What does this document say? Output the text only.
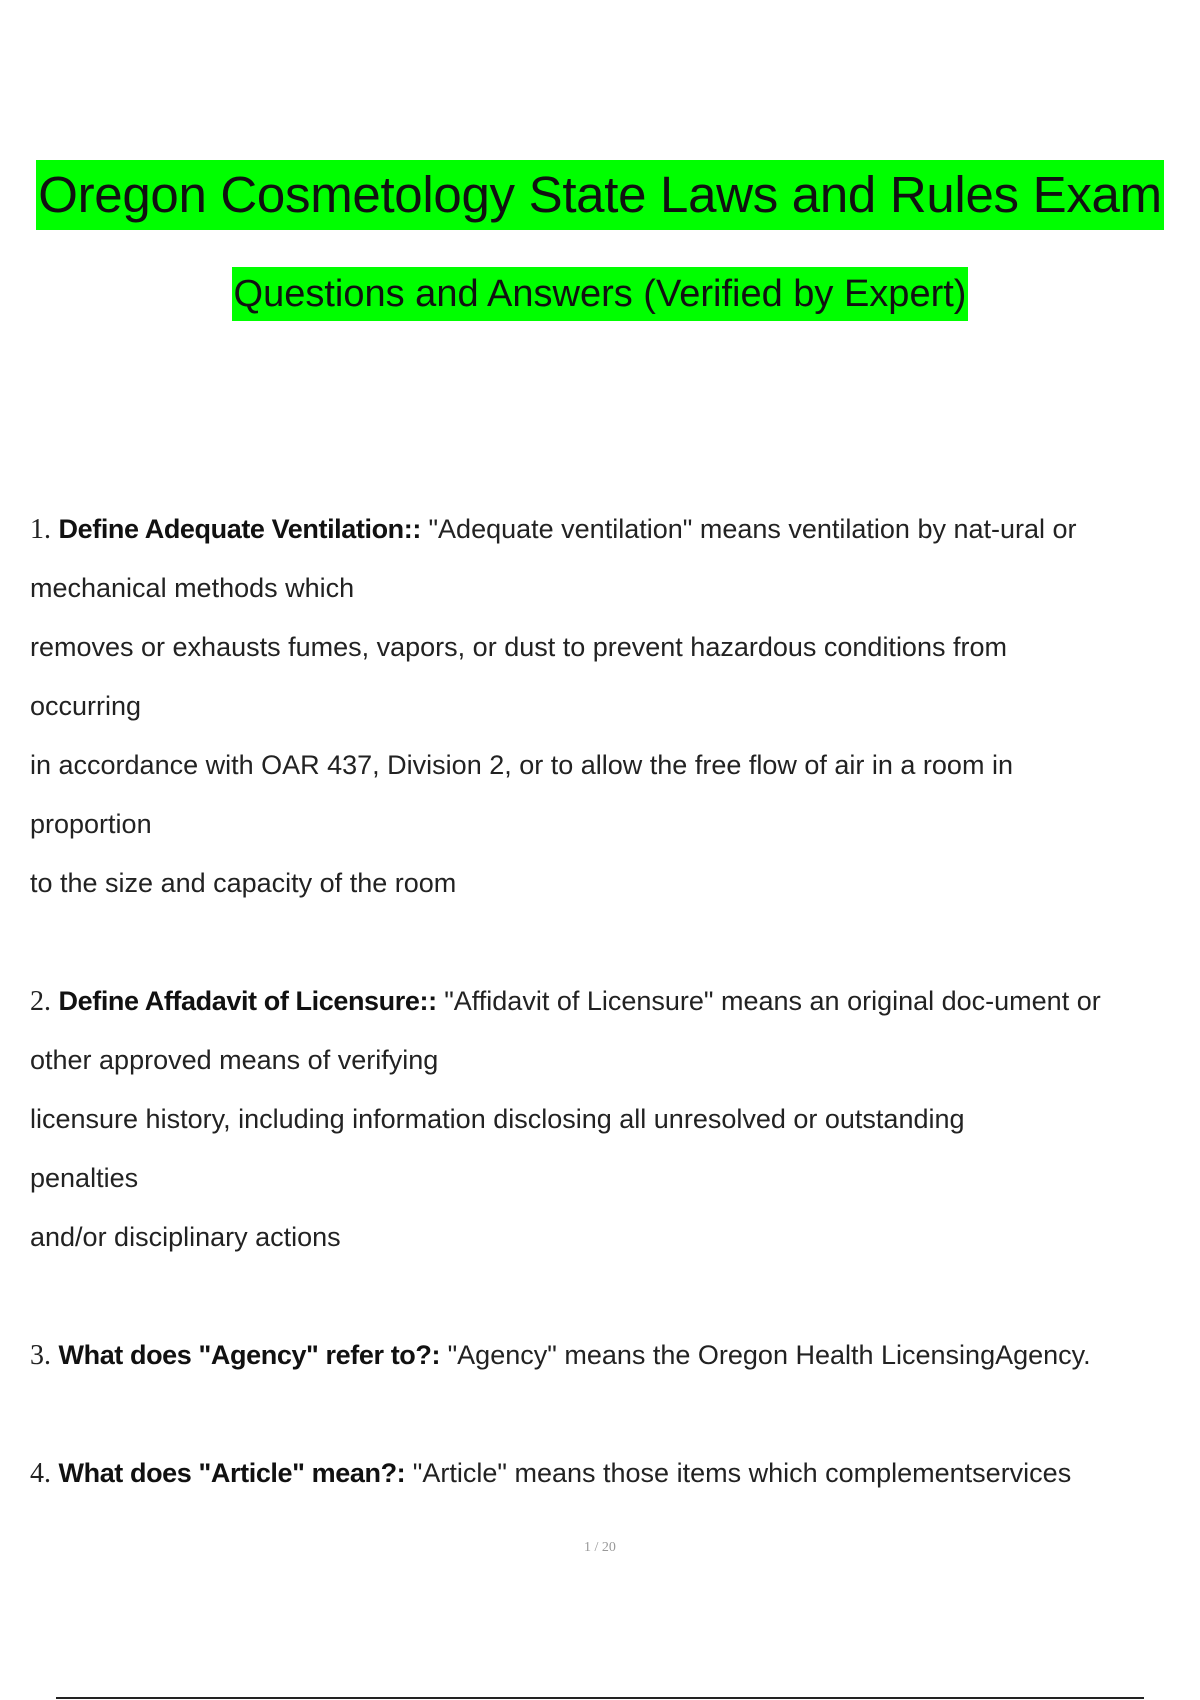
Oregon Cosmetology State Laws and Rules Exam
Questions and Answers (Verified by Expert)
1. Define Adequate Ventilation:: "Adequate ventilation" means ventilation by nat-ural or
mechanical methods which
removes or exhausts fumes, vapors, or dust to prevent hazardous conditions from
occurring
in accordance with OAR 437, Division 2, or to allow the free flow of air in a room in
proportion
to the size and capacity of the room
2. Define Affadavit of Licensure:: "Affidavit of Licensure" means an original doc-ument or
other approved means of verifying
licensure history, including information disclosing all unresolved or outstanding
penalties
and/or disciplinary actions
3. What does "Agency" refer to?: "Agency" means the Oregon Health LicensingAgency.
4. What does "Article" mean?: "Article" means those items which complementservices
1 / 20
